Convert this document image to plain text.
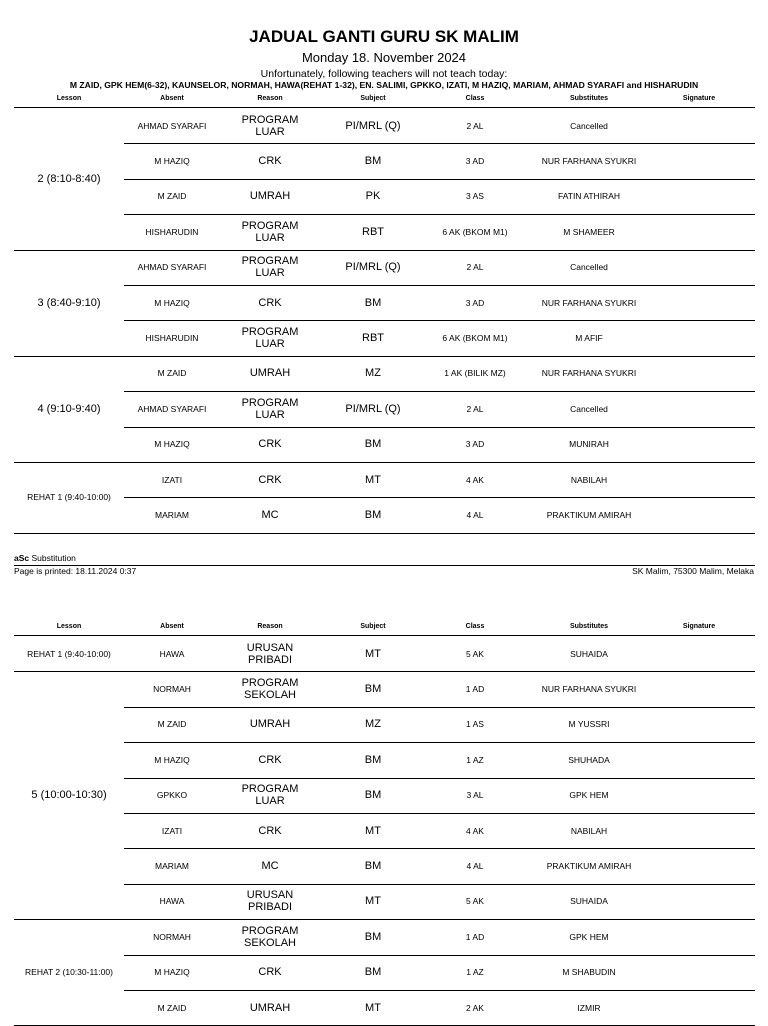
JADUAL GANTI GURU SK MALIM
Monday 18. November 2024
Unfortunately, following teachers will not teach today:
M ZAID, GPK HEM(6-32), KAUNSELOR, NORMAH, HAWA(REHAT 1-32), EN. SALIMI, GPKKO, IZATI, M HAZIQ, MARIAM, AHMAD SYARAFI and HISHARUDIN
Lesson	Absent	Reason	Subject	Class	Substitutes	Signature
2 (8:10-8:40)
AHMAD SYARAFI	PROGRAM LUAR	PI/MRL (Q)	2 AL	Cancelled
M HAZIQ	CRK	BM	3 AD	NUR FARHANA SYUKRI
M ZAID	UMRAH	PK	3 AS	FATIN ATHIRAH
HISHARUDIN	PROGRAM LUAR	RBT	6 AK (BKOM M1)	M SHAMEER
3 (8:40-9:10)
AHMAD SYARAFI	PROGRAM LUAR	PI/MRL (Q)	2 AL	Cancelled
M HAZIQ	CRK	BM	3 AD	NUR FARHANA SYUKRI
HISHARUDIN	PROGRAM LUAR	RBT	6 AK (BKOM M1)	M AFIF
4 (9:10-9:40)
M ZAID	UMRAH	MZ	1 AK (BILIK MZ)	NUR FARHANA SYUKRI
AHMAD SYARAFI	PROGRAM LUAR	PI/MRL (Q)	2 AL	Cancelled
M HAZIQ	CRK	BM	3 AD	MUNIRAH
REHAT 1 (9:40-10:00)
IZATI	CRK	MT	4 AK	NABILAH
MARIAM	MC	BM	4 AL	PRAKTIKUM AMIRAH
aSc Substitution
Page is printed: 18.11.2024 0:37	SK Malim, 75300 Malim, Melaka
Lesson	Absent	Reason	Subject	Class	Substitutes	Signature
REHAT 1 (9:40-10:00)	HAWA	URUSAN PRIBADI	MT	5 AK	SUHAIDA
5 (10:00-10:30)
NORMAH	PROGRAM SEKOLAH	BM	1 AD	NUR FARHANA SYUKRI
M ZAID	UMRAH	MZ	1 AS	M YUSSRI
M HAZIQ	CRK	BM	1 AZ	SHUHADA
GPKKO	PROGRAM LUAR	BM	3 AL	GPK HEM
IZATI	CRK	MT	4 AK	NABILAH
MARIAM	MC	BM	4 AL	PRAKTIKUM AMIRAH
HAWA	URUSAN PRIBADI	MT	5 AK	SUHAIDA
REHAT 2 (10:30-11:00)
NORMAH	PROGRAM SEKOLAH	BM	1 AD	GPK HEM
M HAZIQ	CRK	BM	1 AZ	M SHABUDIN
M ZAID	UMRAH	MT	2 AK	IZMIR
